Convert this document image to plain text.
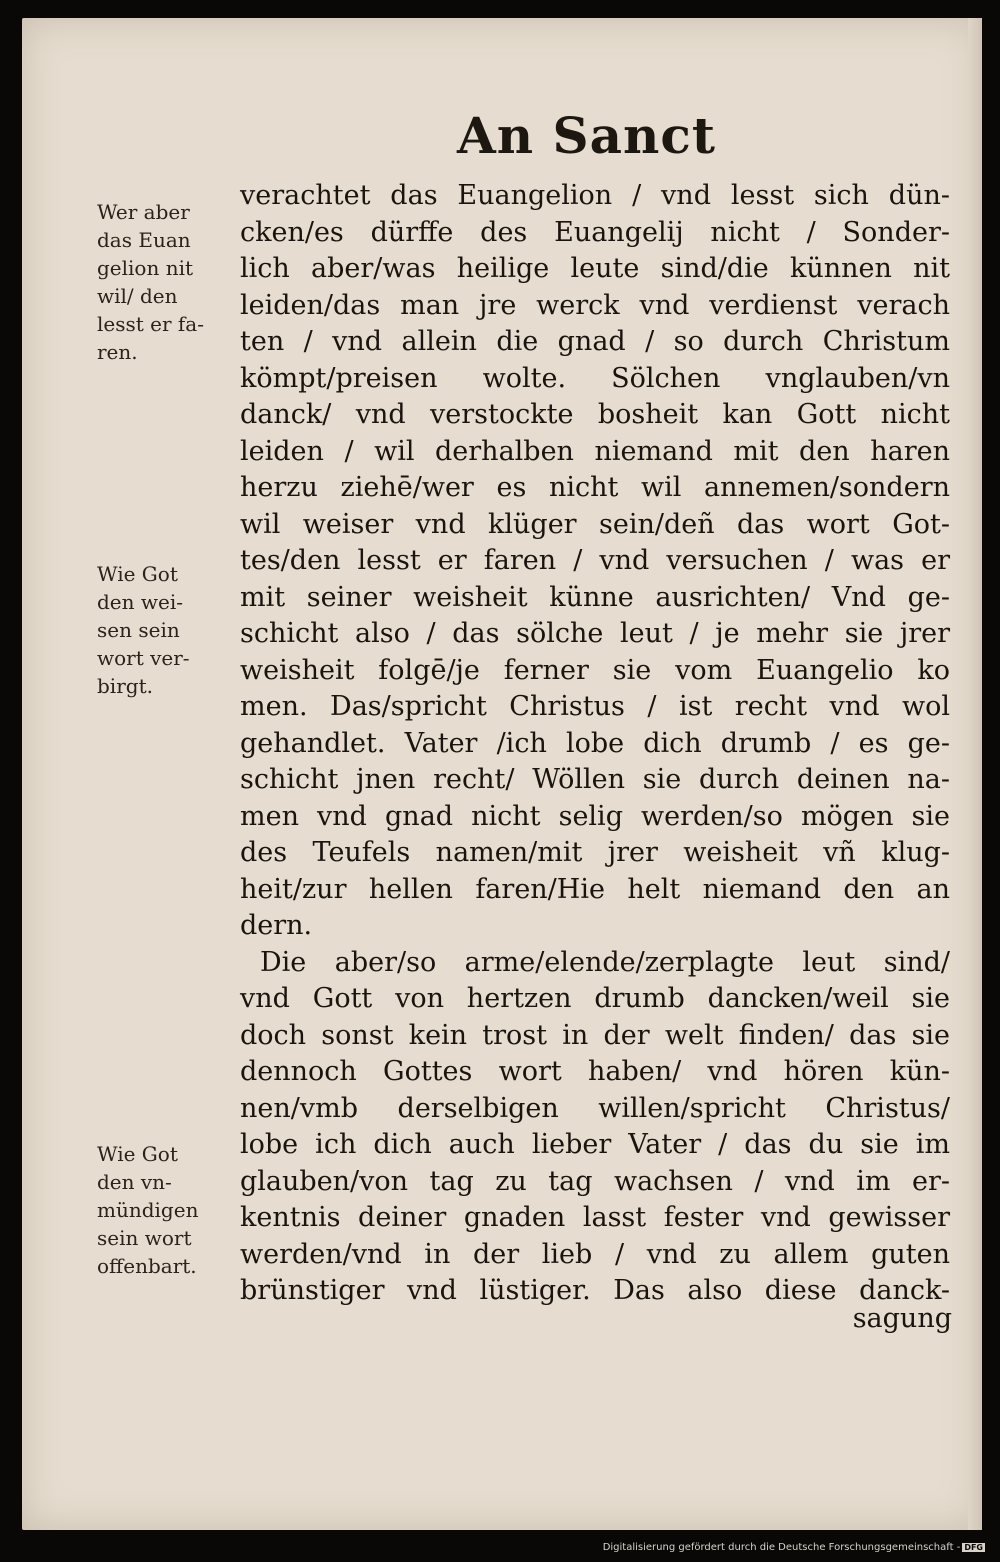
An Sanct
Wer aber
das Euan
gelion nit
wil/ den
lesst er fa-
ren.
Wie Got
den wei-
sen sein
wort ver-
birgt.
Wie Got
den vn-
mündigen
sein wort
offenbart.
verachtet das Euangelion / vnd lesst sich dün-
cken/es dürffe des Euangelij nicht / Sonder-
lich aber/was heilige leute sind/die künnen nit
leiden/das man jre werck vnd verdienst verach
ten / vnd allein die gnad / so durch Christum
kömpt/preisen wolte. Sölchen vnglauben/vn
danck/ vnd verstockte bosheit kan Gott nicht
leiden / wil derhalben niemand mit den haren
herzu ziehē/wer es nicht wil annemen/sondern
wil weiser vnd klüger sein/deñ das wort Got-
tes/den lesst er faren / vnd versuchen / was er
mit seiner weisheit künne ausrichten/ Vnd ge-
schicht also / das sölche leut / je mehr sie jrer
weisheit folgē/je ferner sie vom Euangelio ko
men. Das/spricht Christus / ist recht vnd wol
gehandlet. Vater /ich lobe dich drumb / es ge-
schicht jnen recht/ Wöllen sie durch deinen na-
men vnd gnad nicht selig werden/so mögen sie
des Teufels namen/mit jrer weisheit vñ klug-
heit/zur hellen faren/Hie helt niemand den an
dern.
Die aber/so arme/elende/zerplagte leut sind/
vnd Gott von hertzen drumb dancken/weil sie
doch sonst kein trost in der welt finden/ das sie
dennoch Gottes wort haben/ vnd hören kün-
nen/vmb derselbigen willen/spricht Christus/
lobe ich dich auch lieber Vater / das du sie im
glauben/von tag zu tag wachsen / vnd im er-
kentnis deiner gnaden lasst fester vnd gewisser
werden/vnd in der lieb / vnd zu allem guten
brünstiger vnd lüstiger. Das also diese danck-
sagung
Digitalisierung gefördert durch die Deutsche Forschungsgemeinschaft - DFG
